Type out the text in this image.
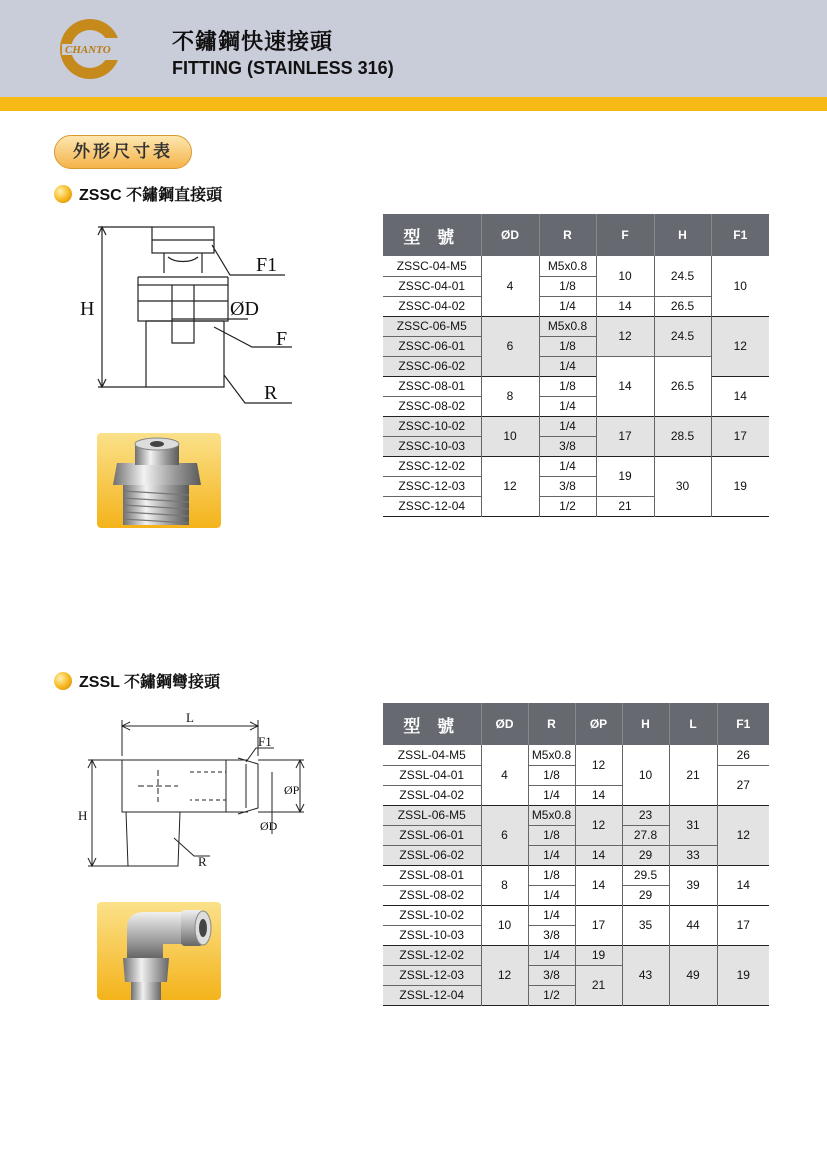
CHANTO	不鏽鋼快速接頭
FITTING (STAINLESS 316)
外形尺寸表
ZSSC 不鏽鋼直接頭
F1
H	ØD
F
R
型 號	ØD	R	F	H	F1
ZSSC-04-M5	4	M5x0.8	10	24.5	10
ZSSC-04-01		1/8			
ZSSC-04-02		1/4	14	26.5	
ZSSC-06-M5	6	M5x0.8	12	24.5	12
ZSSC-06-01		1/8			
ZSSC-06-02		1/4	14	26.5	
ZSSC-08-01	8	1/8			14
ZSSC-08-02		1/4			
ZSSC-10-02	10	1/4	17	28.5	17
ZSSC-10-03		3/8			
ZSSC-12-02	12	1/4	19	30	19
ZSSC-12-03		3/8			
ZSSC-12-04		1/2	21		
ZSSL 不鏽鋼彎接頭
L
F1
H
ØP
ØD
R
型 號	ØD	R	ØP	H	L	F1
ZSSL-04-M5	4	M5x0.8	12	10	21	26
ZSSL-04-01		1/8				27
ZSSL-04-02		1/4	14			
ZSSL-06-M5	6	M5x0.8	12	23	31	12
ZSSL-06-01		1/8		27.8		
ZSSL-06-02		1/4	14	29	33	
ZSSL-08-01	8	1/8	14	29.5	39	14
ZSSL-08-02		1/4		29		
ZSSL-10-02	10	1/4	17	35	44	17
ZSSL-10-03		3/8				
ZSSL-12-02	12	1/4	19	43	49	19
ZSSL-12-03		3/8	21			
ZSSL-12-04		1/2				
